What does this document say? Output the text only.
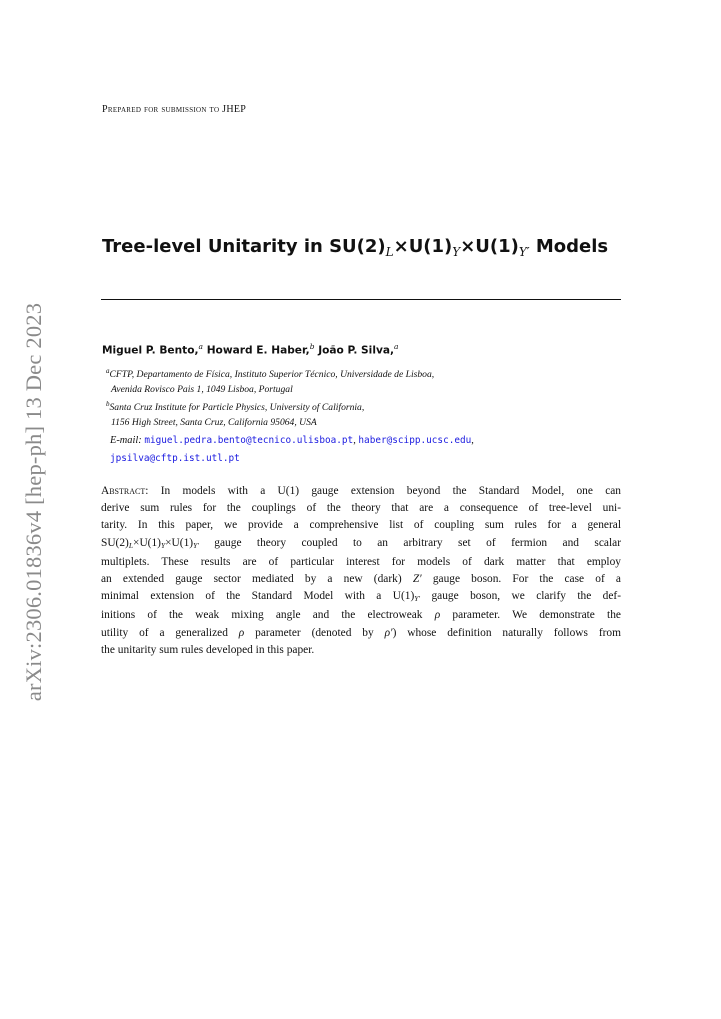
arXiv:2306.01836v4 [hep-ph] 13 Dec 2023
Prepared for submission to JHEP
Tree-level Unitarity in $SU(2)_L\times U(1)_Y\times U(1)_{Y'}$ Models
Miguel P. Bento,$^a$ Howard E. Haber,$^b$ João P. Silva,$^a$
$^a$CFTP, Departamento de Física, Instituto Superior Técnico, Universidade de Lisboa,
Avenida Rovisco Pais 1, 1049 Lisboa, Portugal
$^b$Santa Cruz Institute for Particle Physics, University of California,
1156 High Street, Santa Cruz, California 95064, USA
E-mail: miguel.pedra.bento@tecnico.ulisboa.pt, haber@scipp.ucsc.edu,
jpsilva@cftp.ist.utl.pt
Abstract: In models with a U(1) gauge extension beyond the Standard Model, one can
derive sum rules for the couplings of the theory that are a consequence of tree-level uni-
tarity. In this paper, we provide a comprehensive list of coupling sum rules for a general
$SU(2)_L\times U(1)_Y\times U(1)_{Y'}$ gauge theory coupled to an arbitrary set of fermion and scalar
multiplets. These results are of particular interest for models of dark matter that employ
an extended gauge sector mediated by a new (dark) Z′ gauge boson. For the case of a
minimal extension of the Standard Model with a $U(1)_{Y'}$ gauge boson, we clarify the def-
initions of the weak mixing angle and the electroweak ρ parameter. We demonstrate the
utility of a generalized ρ parameter (denoted by ρ′) whose definition naturally follows from
the unitarity sum rules developed in this paper.
